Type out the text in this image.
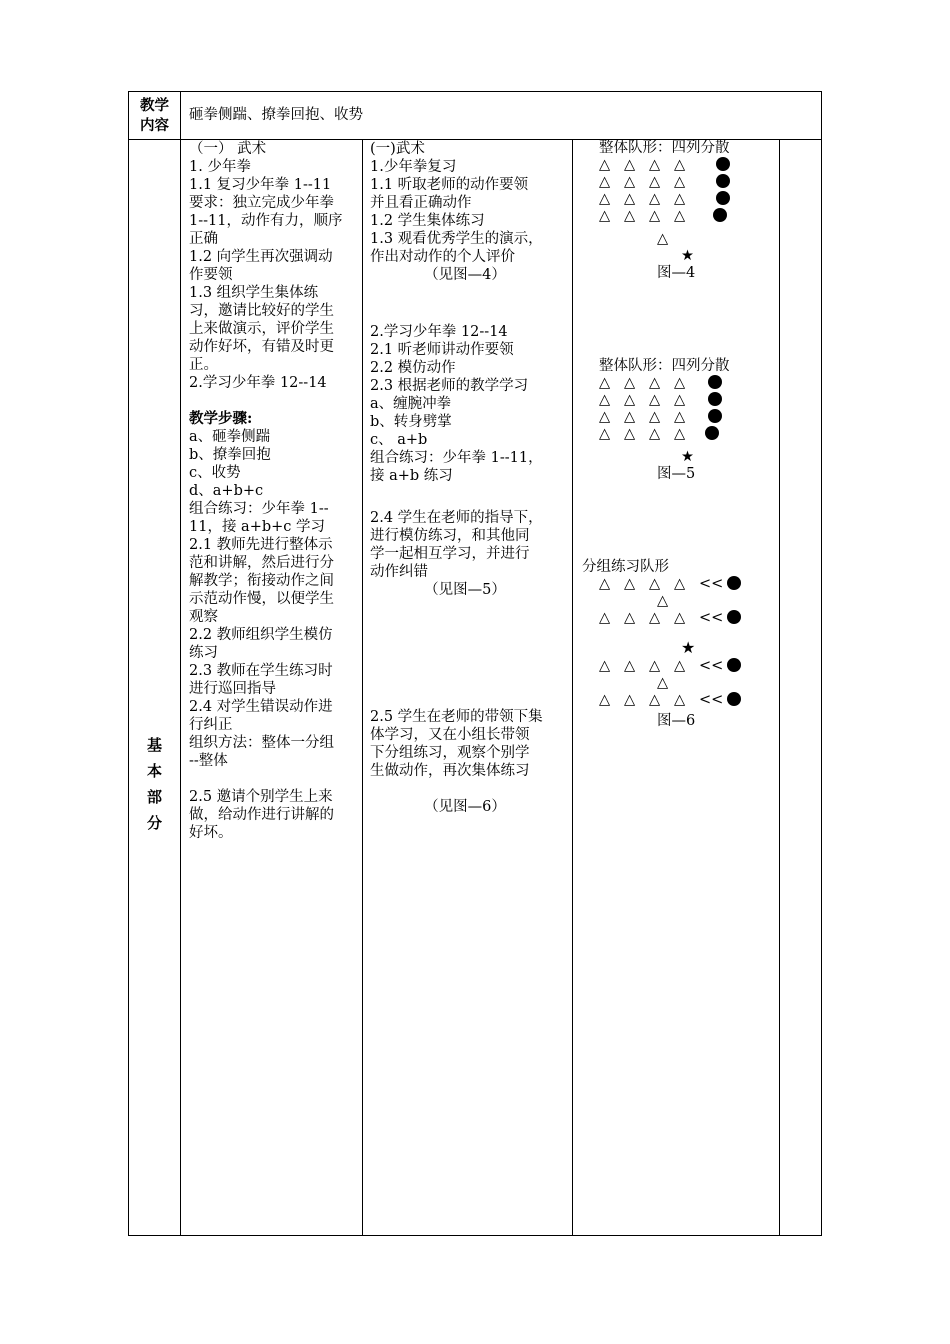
教学
内容
砸拳侧踹、撩拳回抱、收势
基
本
部
分

（一） 武术

1. 少年拳

1.1 复习少年拳 1--11

要求：独立完成少年拳

1--11，动作有力，顺序

正确

1.2 向学生再次强调动

作要领

1.3 组织学生集体练

习，邀请比较好的学生

上来做演示，评价学生

动作好坏，有错及时更

正。

2.学习少年拳 12--14

教学步骤:

a、砸拳侧踹

b、撩拳回抱

c、收势

d、a+b+c

组合练习：少年拳 1--

11，接 a+b+c 学习

2.1 教师先进行整体示

范和讲解，然后进行分

解教学；衔接动作之间

示范动作慢，以便学生

观察

2.2 教师组织学生模仿

练习

2.3 教师在学生练习时

进行巡回指导

2.4 对学生错误动作进

行纠正

组织方法：整体一分组

--整体

2.5 邀请个别学生上来

做，给动作进行讲解的

好坏。

(一)武术

1.少年拳复习

1.1 听取老师的动作要领

并且看正确动作

1.2 学生集体练习

1.3 观看优秀学生的演示，

作出对动作的个人评价

（见图—4）

2.学习少年拳 12--14

2.1 听老师讲动作要领

2.2 模仿动作

2.3 根据老师的教学学习

a、缠腕冲拳

b、转身劈掌

c、 a+b

组合练习：少年拳 1--11，

接 a+b 练习

2.4 学生在老师的指导下，

进行模仿练习，和其他同

学一起相互学习，并进行

动作纠错

（见图—5）

2.5 学生在老师的带领下集

体学习，又在小组长带领

下分组练习，观察个别学

生做动作，再次集体练习

（见图—6）

整体队形：四列分散
△ △ △ △
△ △ △ △
△ △ △ △
△ △ △ △
△
★
图—4
整体队形：四列分散
△ △ △ △
△ △ △ △
△ △ △ △
△ △ △ △
★
图—5
分组练习队形
△ △ △ △ <<
△
△ △ △ △ <<
★
△ △ △ △ <<
△
△ △ △ △ <<
图—6
